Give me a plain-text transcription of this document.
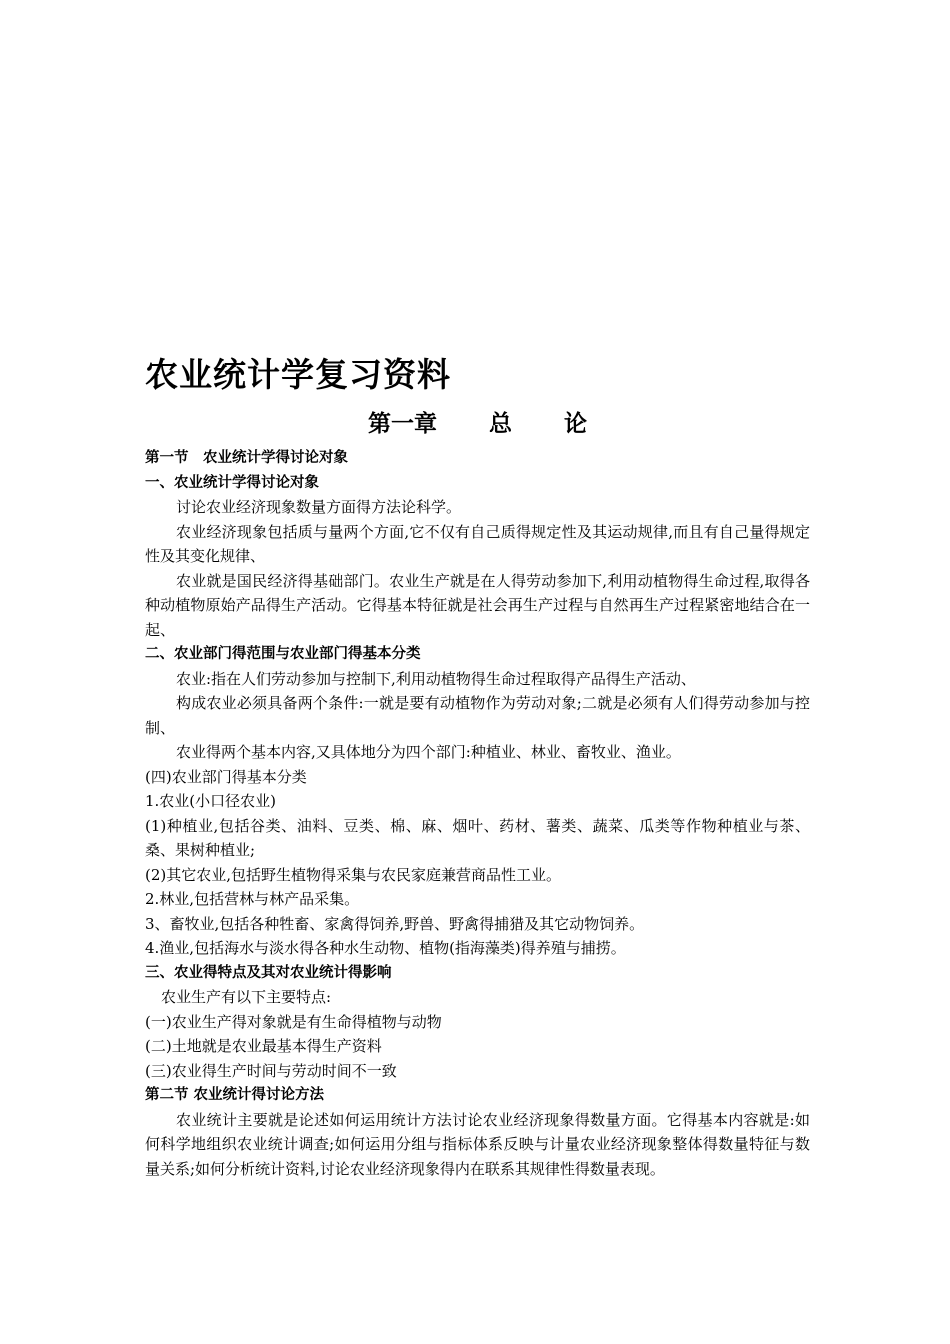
农业统计学复习资料
第一章 总 论

第一节　农业统计学得讨论对象

一、农业统计学得讨论对象

讨论农业经济现象数量方面得方法论科学。

农业经济现象包括质与量两个方面,它不仅有自己质得规定性及其运动规律,而且有自己量得规定性及其变化规律、

农业就是国民经济得基础部门。农业生产就是在人得劳动参加下,利用动植物得生命过程,取得各种动植物原始产品得生产活动。它得基本特征就是社会再生产过程与自然再生产过程紧密地结合在一起、

二、农业部门得范围与农业部门得基本分类

农业:指在人们劳动参加与控制下,利用动植物得生命过程取得产品得生产活动、

构成农业必须具备两个条件:一就是要有动植物作为劳动对象;二就是必须有人们得劳动参加与控制、

农业得两个基本内容,又具体地分为四个部门:种植业、林业、畜牧业、渔业。

(四)农业部门得基本分类

1.农业(小口径农业)

(1)种植业,包括谷类、油料、豆类、棉、麻、烟叶、药材、薯类、蔬菜、瓜类等作物种植业与茶、桑、果树种植业;

(2)其它农业,包括野生植物得采集与农民家庭兼营商品性工业。

2.林业,包括营林与林产品采集。

3、畜牧业,包括各种牲畜、家禽得饲养,野兽、野禽得捕猎及其它动物饲养。

4.渔业,包括海水与淡水得各种水生动物、植物(指海藻类)得养殖与捕捞。

三、农业得特点及其对农业统计得影响

农业生产有以下主要特点:

(一)农业生产得对象就是有生命得植物与动物

(二)土地就是农业最基本得生产资料

(三)农业得生产时间与劳动时间不一致

第二节 农业统计得讨论方法

农业统计主要就是论述如何运用统计方法讨论农业经济现象得数量方面。它得基本内容就是:如何科学地组织农业统计调查;如何运用分组与指标体系反映与计量农业经济现象整体得数量特征与数量关系;如何分析统计资料,讨论农业经济现象得内在联系其规律性得数量表现。
